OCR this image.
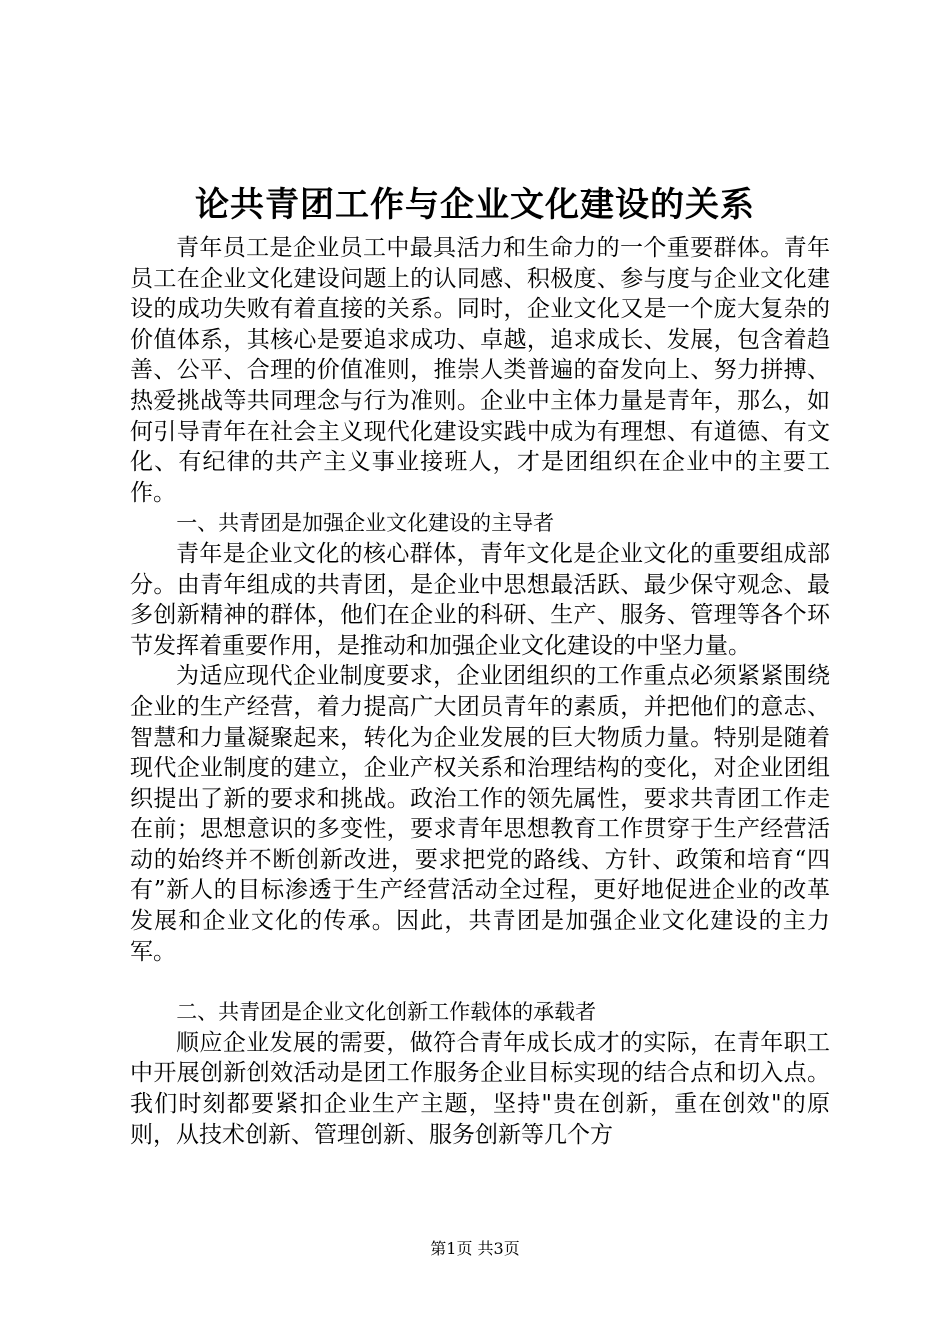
论共青团工作与企业文化建设的关系

青年员工是企业员工中最具活力和生命力的一个重要群体。青年员工在企业文化建设问题上的认同感、积极度、参与度与企业文化建设的成功失败有着直接的关系。同时，企业文化又是一个庞大复杂的价值体系，其核心是要追求成功、卓越，追求成长、发展，包含着趋善、公平、合理的价值准则，推崇人类普遍的奋发向上、努力拼搏、热爱挑战等共同理念与行为准则。企业中主体力量是青年，那么，如何引导青年在社会主义现代化建设实践中成为有理想、有道德、有文化、有纪律的共产主义事业接班人，才是团组织在企业中的主要工作。

一、共青团是加强企业文化建设的主导者

青年是企业文化的核心群体，青年文化是企业文化的重要组成部分。由青年组成的共青团，是企业中思想最活跃、最少保守观念、最多创新精神的群体，他们在企业的科研、生产、服务、管理等各个环节发挥着重要作用，是推动和加强企业文化建设的中坚力量。

为适应现代企业制度要求，企业团组织的工作重点必须紧紧围绕企业的生产经营，着力提高广大团员青年的素质，并把他们的意志、智慧和力量凝聚起来，转化为企业发展的巨大物质力量。特别是随着现代企业制度的建立，企业产权关系和治理结构的变化，对企业团组织提出了新的要求和挑战。政治工作的领先属性，要求共青团工作走在前；思想意识的多变性，要求青年思想教育工作贯穿于生产经营活动的始终并不断创新改进，要求把党的路线、方针、政策和培育“四有”新人的目标渗透于生产经营活动全过程，更好地促进企业的改革发展和企业文化的传承。因此，共青团是加强企业文化建设的主力军。

二、共青团是企业文化创新工作载体的承载者

顺应企业发展的需要，做符合青年成长成才的实际，在青年职工中开展创新创效活动是团工作服务企业目标实现的结合点和切入点。我们时刻都要紧扣企业生产主题，坚持"贵在创新，重在创效"的原则，从技术创新、管理创新、服务创新等几个方

第1页 共3页
